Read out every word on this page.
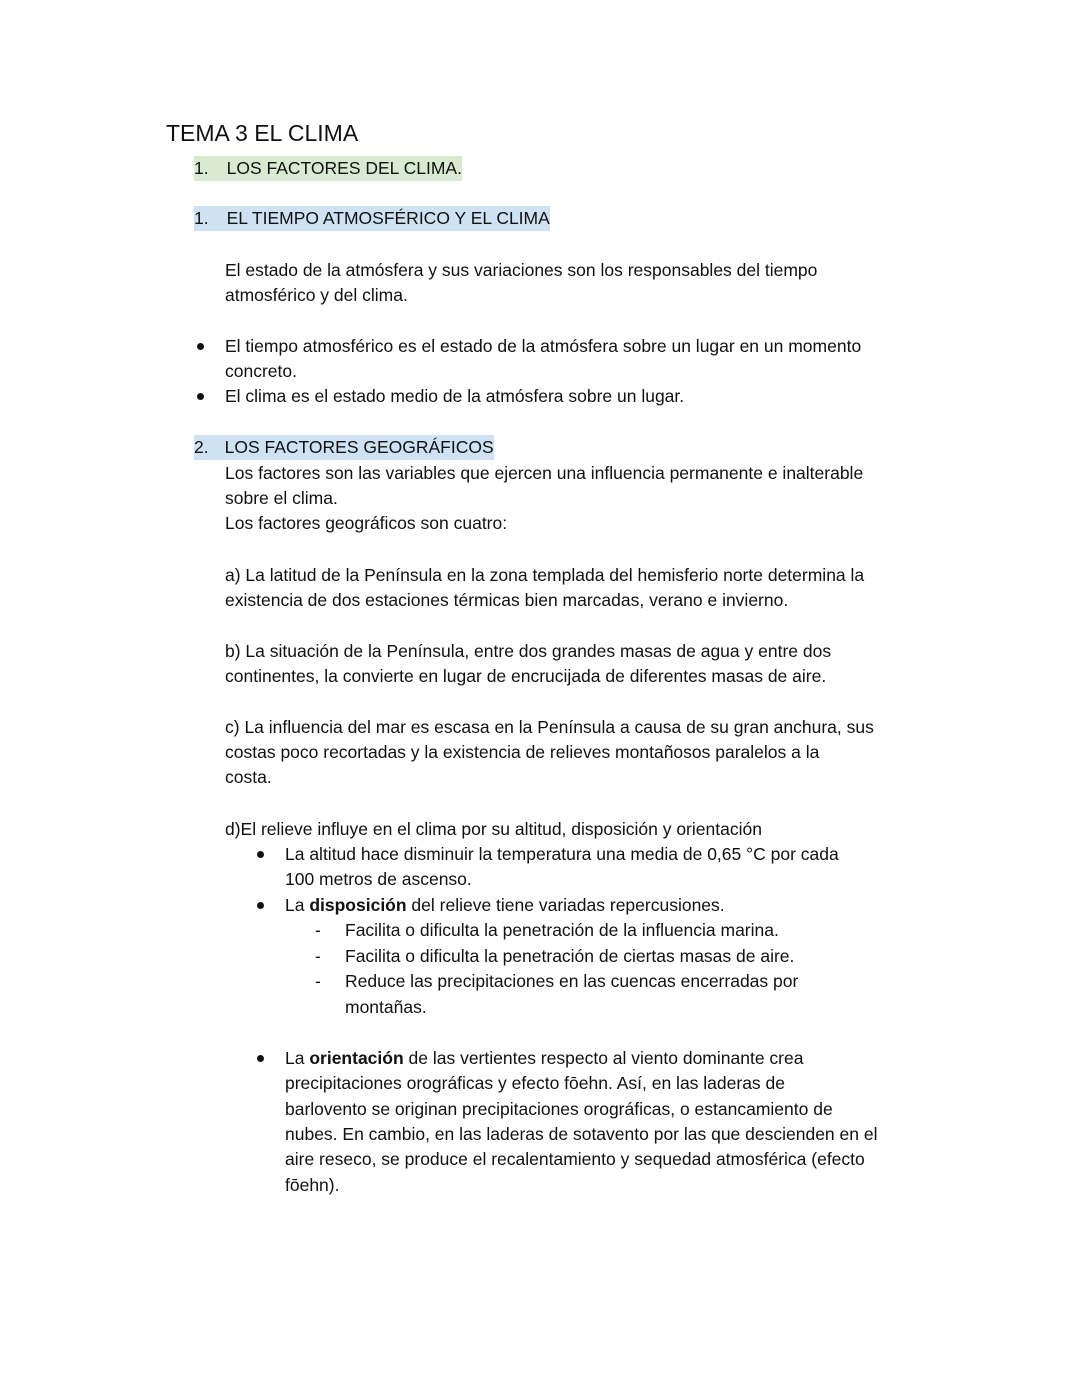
TEMA 3 EL CLIMA
1. LOS FACTORES DEL CLIMA.
1. EL TIEMPO ATMOSFÉRICO Y EL CLIMA
El estado de la atmósfera y sus variaciones son los responsables del tiempo
atmosférico y del clima.
El tiempo atmosférico es el estado de la atmósfera sobre un lugar en un momento
concreto.
El clima es el estado medio de la atmósfera sobre un lugar.
2. LOS FACTORES GEOGRÁFICOS
Los factores son las variables que ejercen una influencia permanente e inalterable
sobre el clima.
Los factores geográficos son cuatro:
a) La latitud de la Península en la zona templada del hemisferio norte determina la
existencia de dos estaciones térmicas bien marcadas, verano e invierno.
b) La situación de la Península, entre dos grandes masas de agua y entre dos
continentes, la convierte en lugar de encrucijada de diferentes masas de aire.
c) La influencia del mar es escasa en la Península a causa de su gran anchura, sus
costas poco recortadas y la existencia de relieves montañosos paralelos a la
costa.
d)El relieve influye en el clima por su altitud, disposición y orientación
La altitud hace disminuir la temperatura una media de 0,65 °C por cada
100 metros de ascenso.
La disposición del relieve tiene variadas repercusiones.
- Facilita o dificulta la penetración de la influencia marina.
- Facilita o dificulta la penetración de ciertas masas de aire.
- Reduce las precipitaciones en las cuencas encerradas por
montañas.
La orientación de las vertientes respecto al viento dominante crea
precipitaciones orográficas y efecto fōehn. Así, en las laderas de
barlovento se originan precipitaciones orográficas, o estancamiento de
nubes. En cambio, en las laderas de sotavento por las que descienden en el
aire reseco, se produce el recalentamiento y sequedad atmosférica (efecto
fōehn).
